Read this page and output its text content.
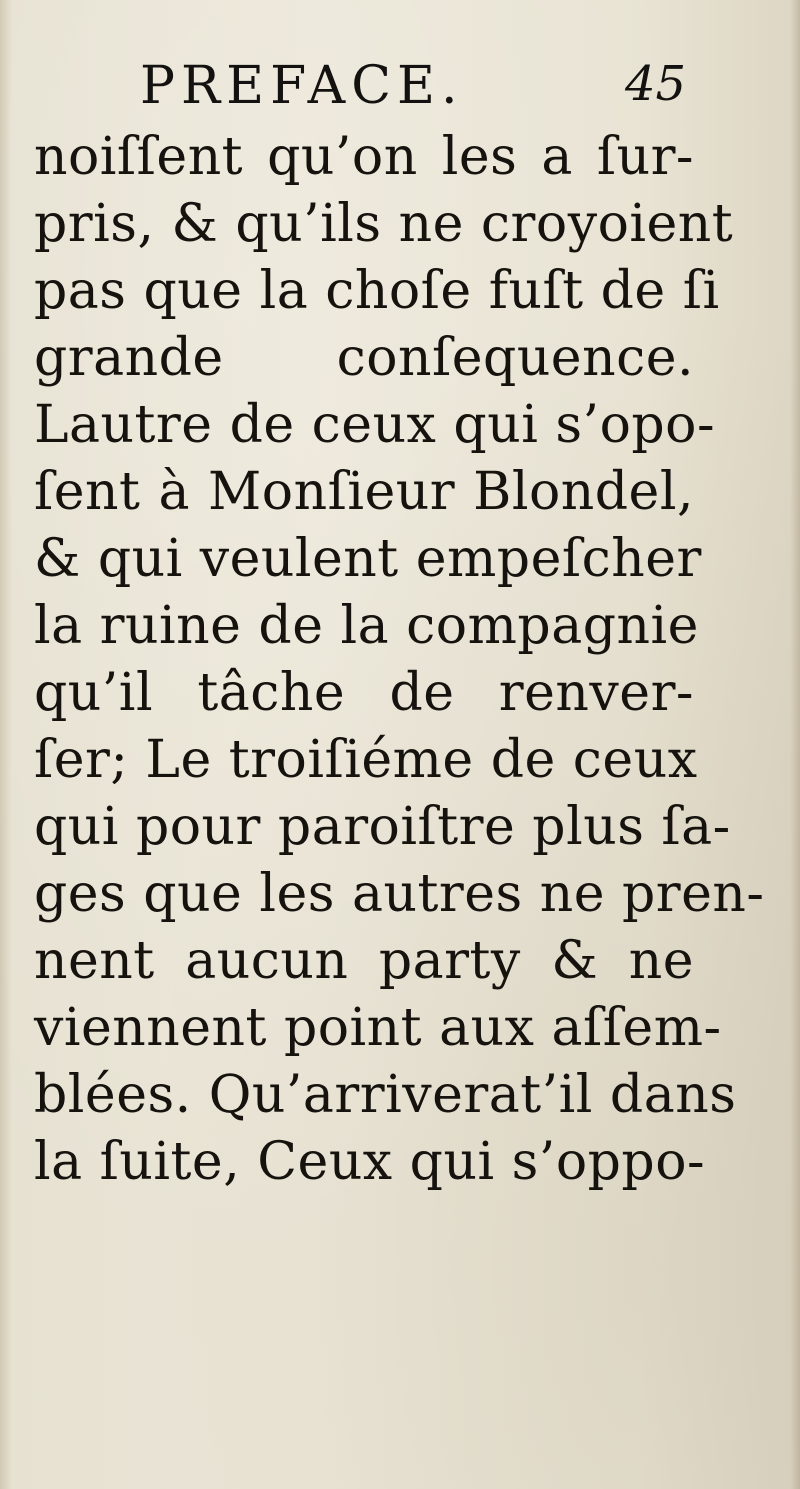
PREFACE.	45
noiſſent qu’on les a ſur-
pris, & qu’ils ne croyoient
pas que la choſe fuſt de ſi
grande conſequence.
Lautre de ceux qui s’opo-
ſent à Monſieur Blondel,
& qui veulent empeſcher
la ruine de la compagnie
qu’il tâche de renver-
ſer; Le troiſiéme de ceux
qui pour paroiſtre plus ſa-
ges que les autres ne pren-
nent aucun party & ne
viennent point aux aſſem-
blées. Qu’arriverat’il dans
la ſuite, Ceux qui s’oppo-
